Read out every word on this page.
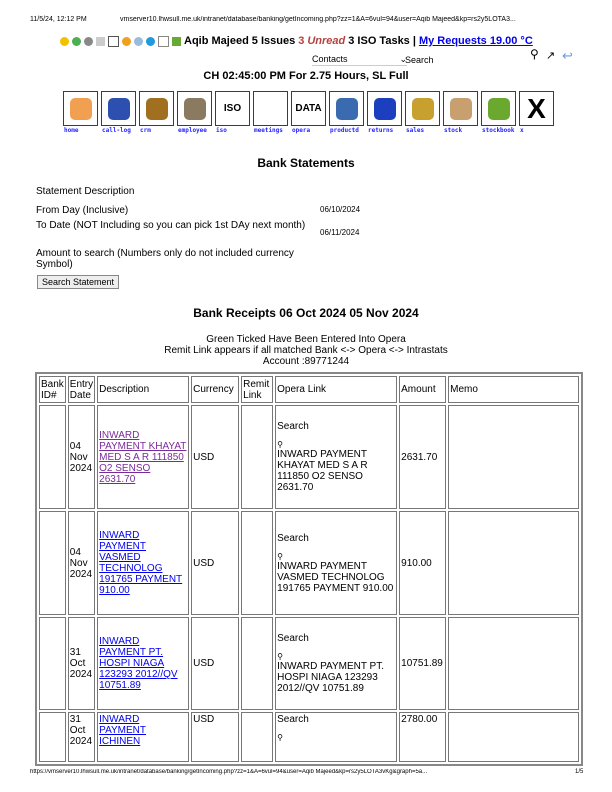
11/5/24, 12:12 PM	vmserver10.lhwsull.me.uk/intranet/database/banking/getIncoming.php?zz=1&A=6vul=94&user=Aqib Majeed&kp=rs2y5LOTA3...
Aqib Majeed 5 Issues 3 Unread 3 ISO Tasks | My Requests 19.00 °C
Contacts	⌄
Search	⚲ ↗ ↩
CH 02:45:00 PM For 2.75 Hours, SL Full
home	call-log crm	employee
ISO
iso	meetings
DATA
opera	productd returns sales	stock	stockbook
X
x
Bank Statements
Statement Description
From Day (Inclusive)	06/10/2024
To Date (NOT Including so you can pick 1st DAy next month)
06/11/2024
Amount to search (Numbers only do not included currency Symbol)
Search Statement
Bank Receipts 06 Oct 2024 05 Nov 2024
Green Ticked Have Been Entered Into Opera
Remit Link appears if all matched Bank <-> Opera <-> Intrastats
Account :89771244
Bank ID#	Entry Date	Description	Currency	Remit Link	Opera Link	Amount	Memo
	04 Nov 2024	INWARD PAYMENT KHAYAT MED S A R 111850 O2 SENSO 2631.70	USD		Search
⚲
INWARD PAYMENT KHAYAT MED S A R 111850 O2 SENSO 2631.70	2631.70	
	04 Nov 2024	INWARD PAYMENT VASMED TECHNOLOG 191765 PAYMENT 910.00	USD		Search
⚲
INWARD PAYMENT VASMED TECHNOLOG 191765 PAYMENT 910.00	910.00	
	31 Oct 2024	INWARD PAYMENT PT. HOSPI NIAGA 123293 2012//QV 10751.89	USD		Search
⚲
INWARD PAYMENT PT. HOSPI NIAGA 123293 2012//QV 10751.89	10751.89	
	31 Oct 2024	INWARD PAYMENT ICHINEN	USD		Search
⚲	2780.00	
https://vmserver10.lhwsull.me.uk/intranet/database/banking/getIncoming.php?zz=1&A=6vul=94&user=Aqib Majeed&kp=rs2y5LOTA3vKg&graph=5a...	1/5
